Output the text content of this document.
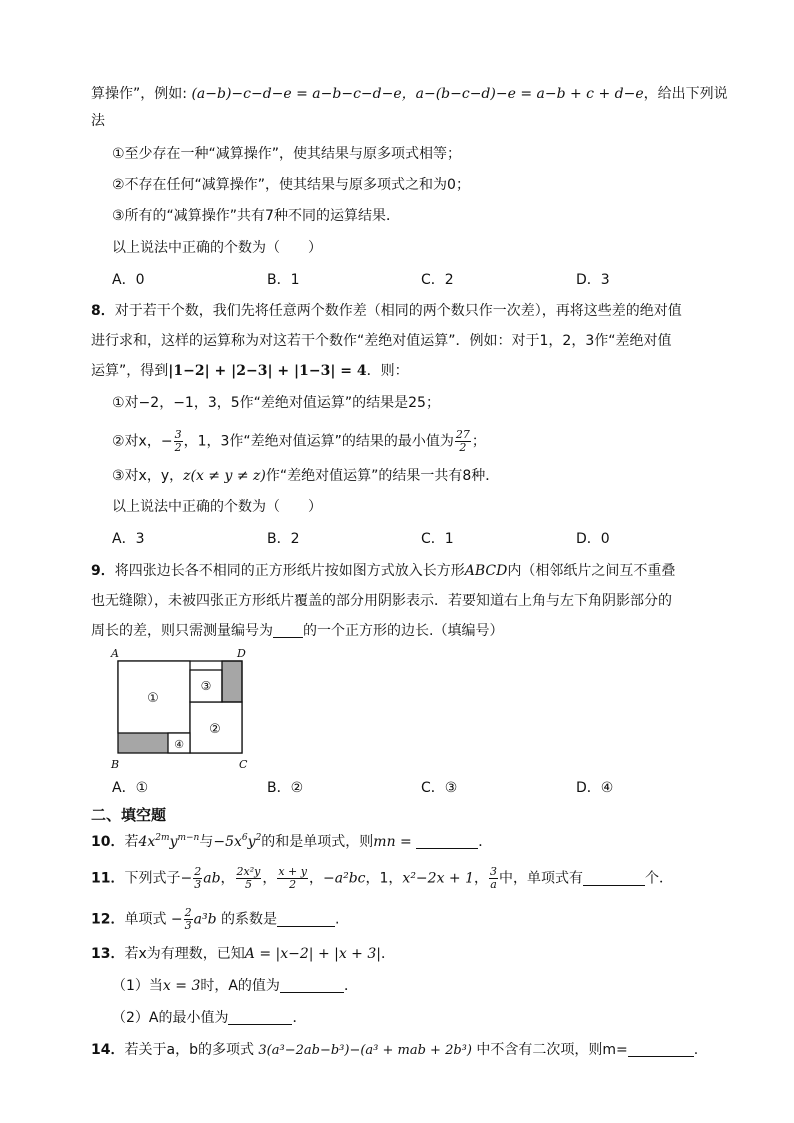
算操作”，例如: (a−b)−c−d−e = a−b−c−d−e，a−(b−c−d)−e = a−b + c + d−e，给出下列说
法
①至少存在一种“减算操作”，使其结果与原多项式相等；
②不存在任何“减算操作”，使其结果与原多项式之和为0；
③所有的“减算操作”共有7种不同的运算结果．
以上说法中正确的个数为（　　）
A．0	B．1	C．2	D．3
8．对于若干个数，我们先将任意两个数作差（相同的两个数只作一次差），再将这些差的绝对值
进行求和，这样的运算称为对这若干个数作“差绝对值运算”．例如：对于1，2，3作“差绝对值
运算”，得到|1−2| + |2−3| + |1−3| = 4．则：
①对−2，−1，3，5作“差绝对值运算”的结果是25；
②对x，− $\frac{3}{2}$ ，1，3作“差绝对值运算”的结果的最小值为 $\frac{27}{2}$ ；
③对x，y，z(x ≠ y ≠ z)作“差绝对值运算”的结果一共有8种．
以上说法中正确的个数为（　　）
A．3	B．2	C．1	D．0
9．将四张边长各不相同的正方形纸片按如图方式放入长方形ABCD内（相邻纸片之间互不重叠
也无缝隙），未被四张正方形纸片覆盖的部分用阴影表示．若要知道右上角与左下角阴影部分的
周长的差，则只需测量编号为 的一个正方形的边长.（填编号）
A	D
B	C
①
②
③
④
A．①	B．②	C．③	D．④
二、填空题
10．若$4x^{2m}y^{m-n}$与$-5x^6y^2$的和是单项式，则mn =	．
11．下列式子− $\frac{2}{3}$ ab， $\frac{\text{2x²y}}{5}$ ， $\frac{x + y}{2}$ ，−a²bc，1，x²−2x + 1， $\frac{3}{a}$ 中，单项式有	个．
12．单项式 − $\frac{2}{3} a^3b$ 的系数是	.
13．若x为有理数，已知A = |x−2| + |x + 3|．
（1）当x = 3时，A的值为	．
（2）A的最小值为	．
14．若关于a，b的多项式 3(a³−2ab−b³)−(a³ + mab + 2b³) 中不含有二次项，则m=	.
